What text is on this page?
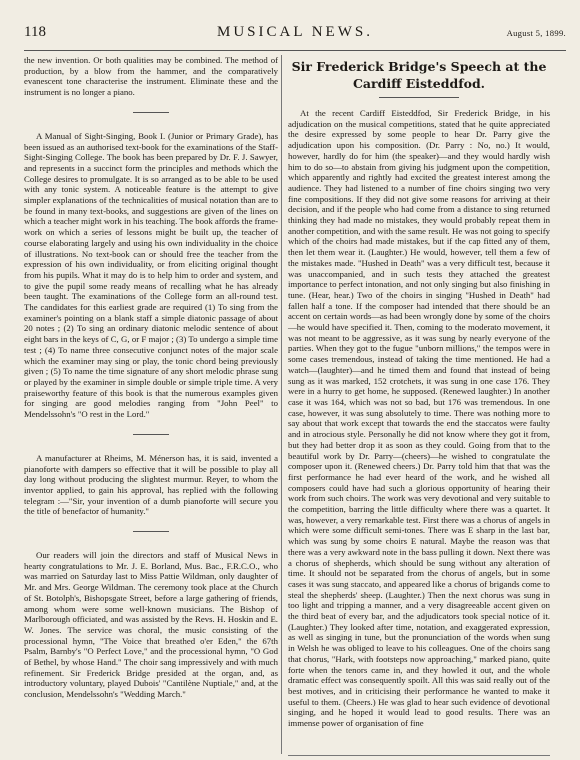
118	MUSICAL NEWS.	August 5, 1899.

the new invention. Or both qualities may be combined. The method of production, by a blow from the hammer, and the comparatively evanescent tone characterise the instrument. Eliminate these and the instrument is no longer a piano.

A Manual of Sight-Singing, Book I. (Junior or Primary Grade), has been issued as an authorised text-book for the examinations of the Staff-Sight-Singing College. The book has been prepared by Dr. F. J. Sawyer, and represents in a succinct form the principles and methods which the College desires to promulgate. It is so arranged as to be able to be used with any tonic system. A noticeable feature is the attempt to give simpler explanations of the technicalities of musical notation than are to be found in many text-books, and suggestions are given of the lines on which a teacher might work in his teaching. The book affords the frame-work on which a series of lessons might be built up, the teacher of course elaborating largely and using his own individuality in the choice of illustrations. No text-book can or should free the teacher from the expression of his own individuality, or from eliciting original thought from his pupils. What it may do is to help him to order and system, and to give the pupil some ready means of recalling what he has already been taught. The examinations of the College form an all-round test. The candidates for this earliest grade are required (1) To sing from the examiner's pointing on a blank staff a simple diatonic passage of about 20 notes ; (2) To sing an ordinary diatonic melodic sentence of about eight bars in the keys of C, G, or F major ; (3) To undergo a simple time test ; (4) To name three consecutive conjunct notes of the major scale which the examiner may sing or play, the tonic chord being previously given ; (5) To name the time signature of any short melodic phrase sung or played by the examiner in simple double or simple triple time. A very praiseworthy feature of this book is that the numerous examples given for singing are good melodies ranging from "John Peel" to Mendelssohn's "O rest in the Lord."

A manufacturer at Rheims, M. Ménerson has, it is said, invented a pianoforte with dampers so effective that it will be possible to play all day long without producing the slightest murmur. Reyer, to whom the inventor applied, to gain his approval, has replied with the following telegram :—"Sir, your invention of a dumb pianoforte will secure you the title of benefactor of humanity."

Our readers will join the directors and staff of Musical News in hearty congratulations to Mr. J. E. Borland, Mus. Bac., F.R.C.O., who was married on Saturday last to Miss Pattie Wildman, only daughter of Mr. and Mrs. George Wildman. The ceremony took place at the Church of St. Botolph's, Bishopsgate Street, before a large gathering of friends, among whom were some well-known musicians. The Bishop of Marlborough officiated, and was assisted by the Revs. H. Hoskin and E. W. Jones. The service was choral, the music consisting of the processional hymn, "The Voice that breathed o'er Eden," the 67th Psalm, Barnby's "O Perfect Love," and the processional hymn, "O God of Bethel, by whose Hand." The choir sang impressively and with much refinement. Sir Frederick Bridge presided at the organ, and, as introductory voluntary, played Dubois' "Cantilène Nuptiale," and, at the conclusion, Mendelssohn's "Wedding March."

Sir Frederick Bridge's Speech at the
Cardiff Eisteddfod.

At the recent Cardiff Eisteddfod, Sir Frederick Bridge, in his adjudication on the musical competitions, stated that he quite appreciated the desire expressed by some people to hear Dr. Parry give the adjudication upon his composition. (Dr. Parry : No, no.) It would, however, hardly do for him (the speaker)—and they would hardly wish him to do so—to abstain from giving his judgment upon the competition, which apparently and rightly had excited the greatest interest among the audience. They had listened to a number of fine choirs singing two very fine compositions. If they did not give some reasons for arriving at their decision, and if the people who had come from a distance to sing returned thinking they had made no mistakes, they would probably repeat them in another competition, and with the same result. He was not going to specify which of the choirs had made mistakes, but if the cap fitted any of them, then let them wear it. (Laughter.) He would, however, tell them a few of the mistakes made. "Hushed in Death" was a very difficult test, because it was unaccompanied, and in such tests they attached the greatest importance to perfect intonation, and not only singing but also finishing in tune. (Hear, hear.) Two of the choirs in singing "Hushed in Death" had fallen half a tone. If the composer had intended that there should be an accent on certain words—as had been wrongly done by some of the choirs—he would have specified it. Then, coming to the moderato movement, it was not meant to be aggressive, as it was sung by nearly everyone of the parties. When they got to the fugue "unborn millions," the tempos were in some cases tremendous, instead of taking the time mentioned. He had a watch—(laughter)—and he timed them and found that instead of being sung as it was marked, 152 crotchets, it was sung in one case 176. They were in a hurry to get home, he supposed. (Renewed laughter.) In another case it was 164, which was not so bad, but 176 was tremendous. In one case, however, it was sung absolutely to time. There was nothing more to say about that work except that towards the end the staccatos were faulty and in atrocious style. Personally he did not know where they got it from, but they had better drop it as soon as they could. Going from that to the beautiful work by Dr. Parry—(cheers)—he wished to congratulate the composer upon it. (Renewed cheers.) Dr. Parry told him that that was the first performance he had ever heard of the work, and he wished all composers could have had such a glorious opportunity of hearing their work from such choirs. The work was very devotional and very suitable to the competition, barring the little difficulty where there was a quartet. It was, however, a very remarkable test. First there was a chorus of angels in which were some difficult semi-tones. There was E sharp in the last bar, which was sung by some choirs E natural. Maybe the reason was that there was a very awkward note in the bass pulling it down. Next there was a chorus of shepherds, which should be sung without any alteration of time. It should not be separated from the chorus of angels, but in some cases it was sung staccato, and appeared like a chorus of brigands come to steal the shepherds' sheep. (Laughter.) Then the next chorus was sung in too light and tripping a manner, and a very disagreeable accent given on the third beat of every bar, and the adjudicators took special notice of it. (Laughter.) They looked after time, notation, and exaggerated expression, as well as singing in tune, but the pronunciation of the words when sung in Welsh he was obliged to leave to his colleagues. One of the choirs sang that chorus, "Hark, with footsteps now approaching," marked piano, quite forte when the tenors came in, and they howled it out, and the whole dramatic effect was consequently spoilt. All this was said really out of the best motives, and in criticising their performance he wanted to make it useful to them. (Cheers.) He was glad to hear such evidence of devotional singing, and he hoped it would lead to good results. There was an immense power of organisation of fine
